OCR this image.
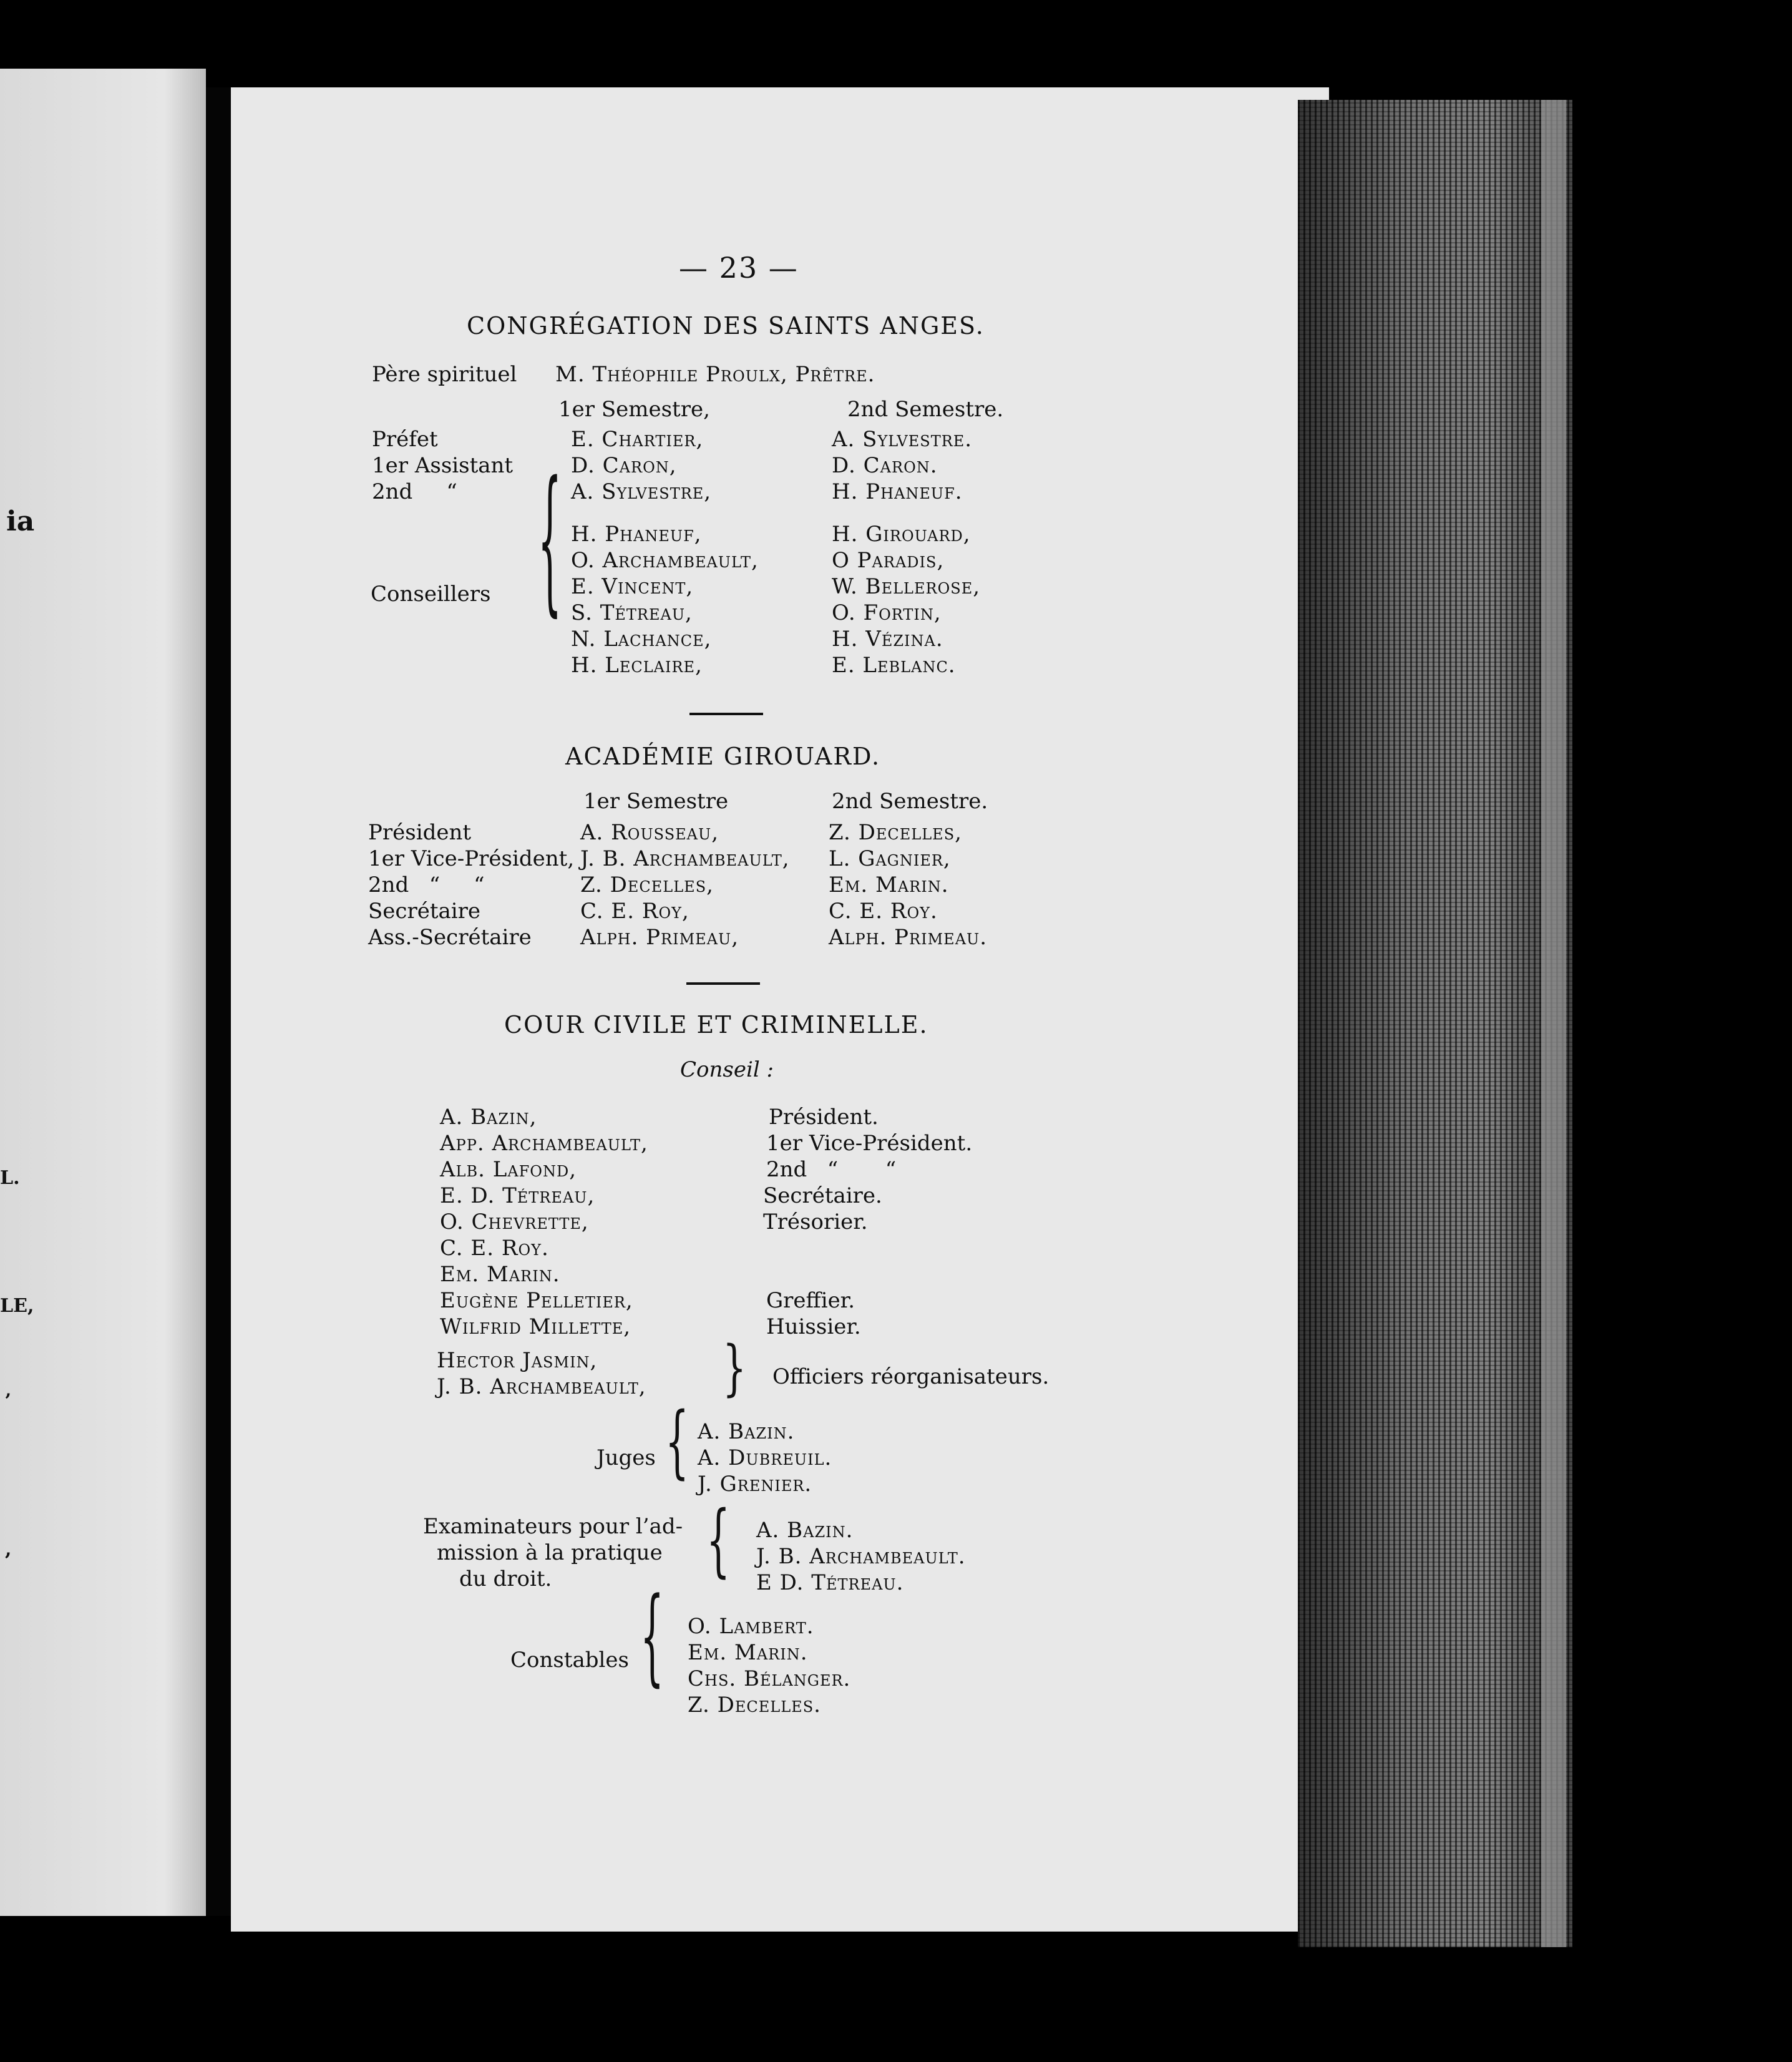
ia
L.
LE,
‚
,
— 23 —
CONGRÉGATION DES SAINTS ANGES.
Père spirituel M. Théophile Proulx, Prêtre.
1er Semestre,	2nd Semestre.
Préfet	E. Chartier,	A. Sylvestre.
1er Assistant	D. Caron,	D. Caron.
2nd     “	A. Sylvestre,	H. Phaneuf.
Conseillers { H. Phaneuf,	H. Girouard,
O. Archambeault,	O Paradis,
E. Vincent,	W. Bellerose,
S. Tétreau,	O. Fortin,
N. Lachance,	H. Vézina.
H. Leclaire,	E. Leblanc.
ACADÉMIE GIROUARD.
1er Semestre	2nd Semestre.
Président	A. Rousseau,	Z. Decelles,
1er Vice-Président, J. B. Archambeault, L. Gagnier,
2nd   “     “	Z. Decelles,	Em. Marin.
Secrétaire	C. E. Roy,	C. E. Roy.
Ass.-Secrétaire Alph. Primeau,	Alph. Primeau.
COUR CIVILE ET CRIMINELLE.
Conseil :
A. Bazin,	Président.
App. Archambeault,	1er Vice-Président.
Alb. Lafond,	2nd   “       “
E. D. Tétreau,	Secrétaire.
O. Chevrette,	Trésorier.
C. E. Roy.
Em. Marin.
Eugène Pelletier,	Greffier.
Wilfrid Millette,	Huissier.
Hector Jasmin,
J. B. Archambeault, } Officiers réorganisateurs.
Juges { A. Bazin.
A. Dubreuil.
J. Grenier.
Examinateurs pour l’ad-
mission à la pratique
du droit.	{ A. Bazin.
J. B. Archambeault.
E D. Tétreau.
Constables { O. Lambert.
Em. Marin.
Chs. Bélanger.
Z. Decelles.
